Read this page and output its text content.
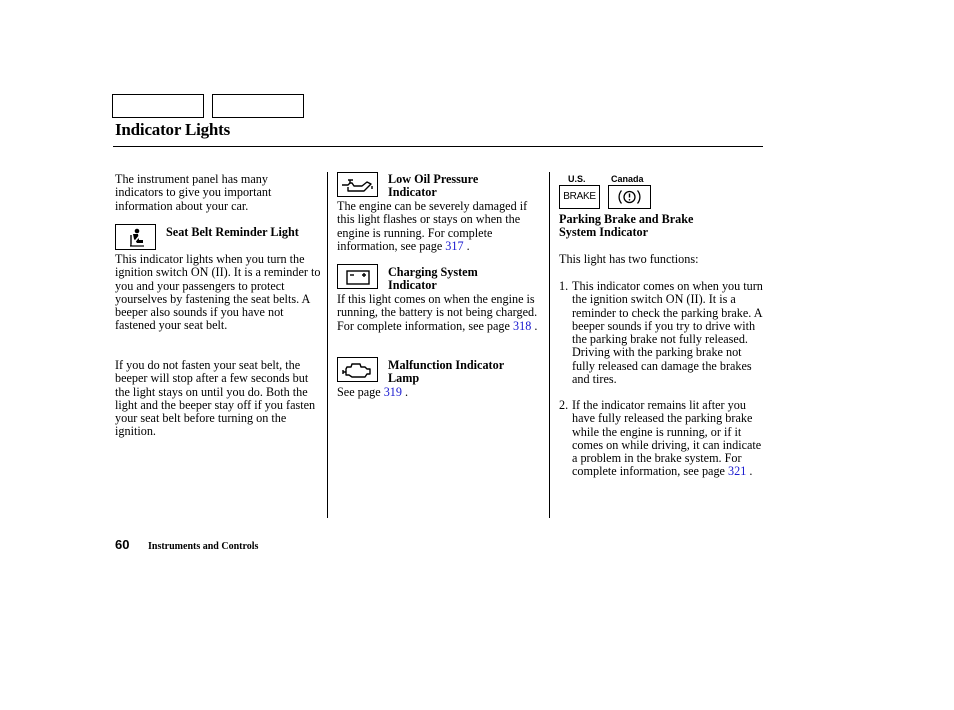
Indicator Lights
The instrument panel has many indicators to give you important information about your car.
Seat Belt Reminder Light
This indicator lights when you turn the ignition switch ON (II). It is a reminder to you and your passengers to protect yourselves by fastening the seat belts. A beeper also sounds if you have not fastened your seat belt.
If you do not fasten your seat belt, the beeper will stop after a few seconds but the light stays on until you do. Both the light and the beeper stay off if you fasten your seat belt before turning on the ignition.
Low Oil Pressure
Indicator
The engine can be severely damaged if this light flashes or stays on when the engine is running. For complete information, see page 317 .
Charging System
Indicator
If this light comes on when the engine is running, the battery is not being charged. For complete information, see page 318 .
Malfunction Indicator
Lamp
See page 319 .
U.S.	Canada
BRAKE
Parking Brake and Brake
System Indicator
This light has two functions:
1. This indicator comes on when you turn the ignition switch ON (II). It is a reminder to check the parking brake. A beeper sounds if you try to drive with the parking brake not fully released. Driving with the parking brake not fully released can damage the brakes and tires.
2. If the indicator remains lit after you have fully released the parking brake while the engine is running, or if it comes on while driving, it can indicate a problem in the brake system. For complete information, see page 321 .
60 Instruments and Controls
